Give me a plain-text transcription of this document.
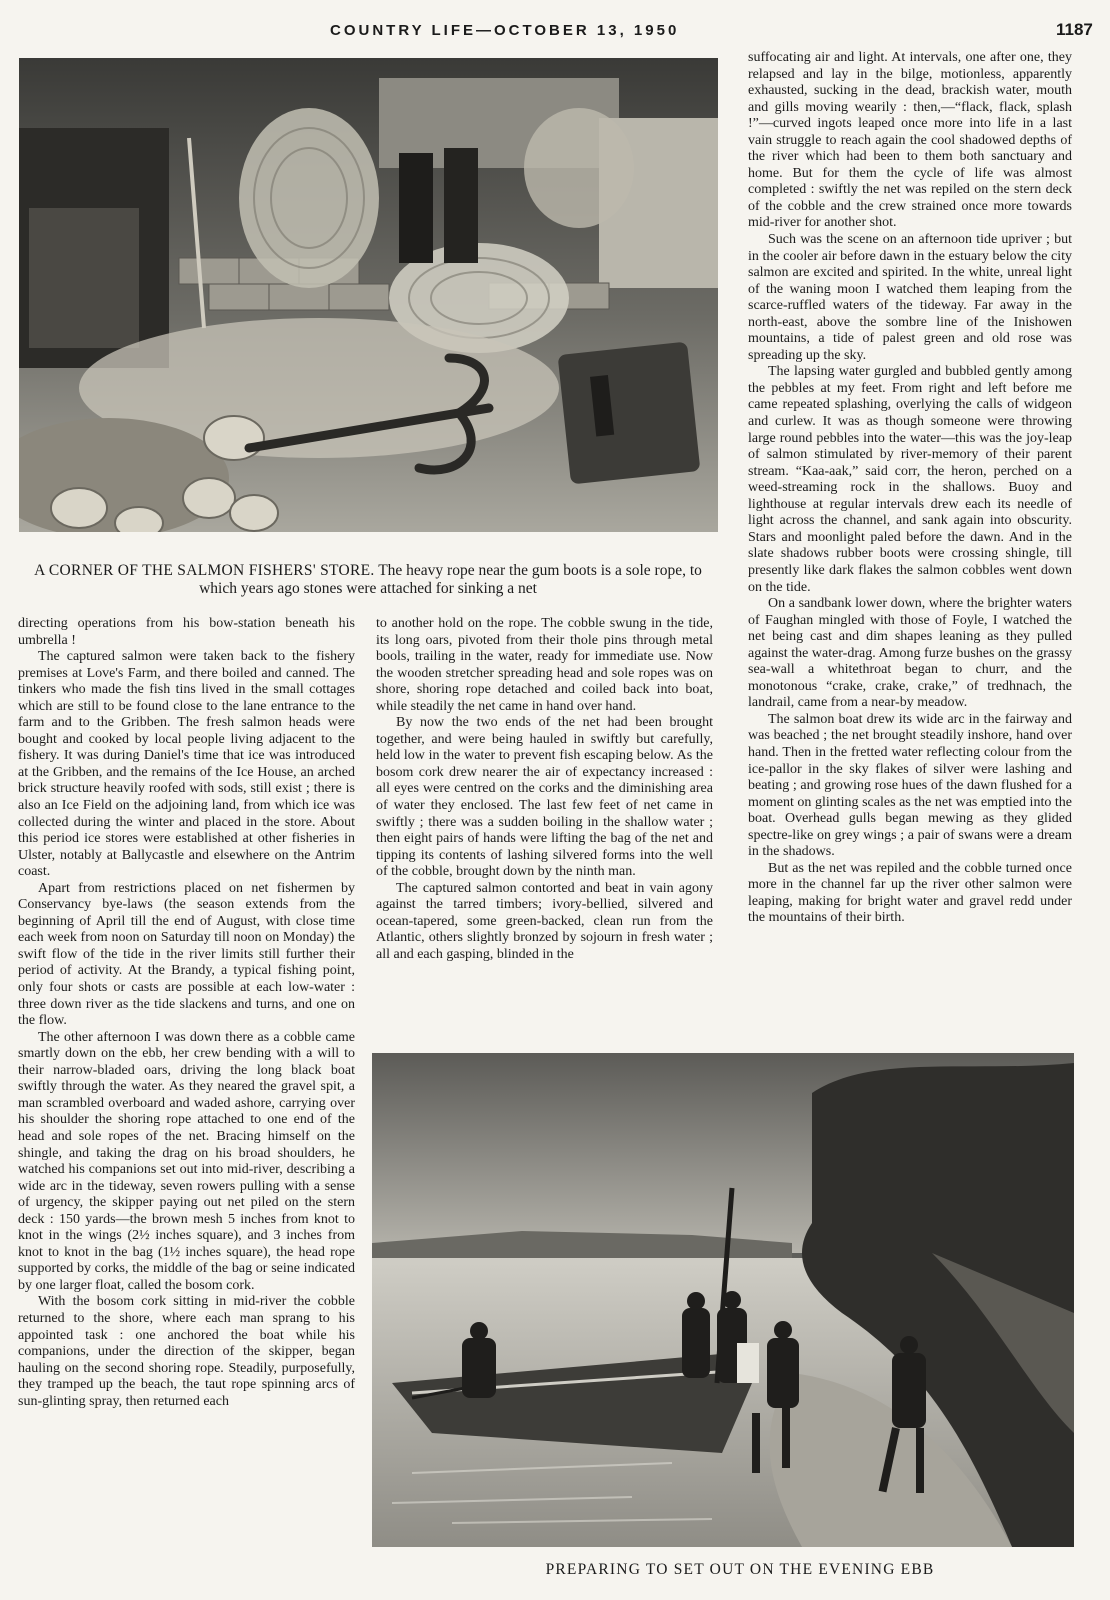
COUNTRY LIFE—OCTOBER 13, 1950	1187
A CORNER OF THE SALMON FISHERS' STORE. The heavy rope near the gum boots is a sole rope, to which years ago stones were attached for sinking a net

suffocating air and light. At intervals, one after one, they relapsed and lay in the bilge, motionless, apparently exhausted, sucking in the dead, brackish water, mouth and gills moving wearily : then,—“flack, flack, splash !”—curved ingots leaped once more into life in a last vain struggle to reach again the cool shadowed depths of the river which had been to them both sanctuary and home. But for them the cycle of life was almost completed : swiftly the net was repiled on the stern deck of the cobble and the crew strained once more towards mid-river for another shot.

Such was the scene on an afternoon tide upriver ; but in the cooler air before dawn in the estuary below the city salmon are excited and spirited. In the white, unreal light of the waning moon I watched them leaping from the scarce-ruffled waters of the tideway. Far away in the north-east, above the sombre line of the Inishowen mountains, a tide of palest green and old rose was spreading up the sky.

The lapsing water gurgled and bubbled gently among the pebbles at my feet. From right and left before me came repeated splashing, overlying the calls of widgeon and curlew. It was as though someone were throwing large round pebbles into the water—this was the joy-leap of salmon stimulated by river-memory of their parent stream. “Kaa-aak,” said corr, the heron, perched on a weed-streaming rock in the shallows. Buoy and lighthouse at regular intervals drew each its needle of light across the channel, and sank again into obscurity. Stars and moonlight paled before the dawn. And in the slate shadows rubber boots were crossing shingle, till presently like dark flakes the salmon cobbles went down on the tide.

On a sandbank lower down, where the brighter waters of Faughan mingled with those of Foyle, I watched the net being cast and dim shapes leaning as they pulled against the water-drag. Among furze bushes on the grassy sea-wall a whitethroat began to churr, and the monotonous “crake, crake, crake,” of tredhnach, the landrail, came from a near-by meadow.

The salmon boat drew its wide arc in the fairway and was beached ; the net brought steadily inshore, hand over hand. Then in the fretted water reflecting colour from the ice-pallor in the sky flakes of silver were lashing and beating ; and growing rose hues of the dawn flushed for a moment on glinting scales as the net was emptied into the boat. Overhead gulls began mewing as they glided spectre-like on grey wings ; a pair of swans were a dream in the shadows.

But as the net was repiled and the cobble turned once more in the channel far up the river other salmon were leaping, making for bright water and gravel redd under the mountains of their birth.

directing operations from his bow-station beneath his umbrella !

The captured salmon were taken back to the fishery premises at Love's Farm, and there boiled and canned. The tinkers who made the fish tins lived in the small cottages which are still to be found close to the lane entrance to the farm and to the Gribben. The fresh salmon heads were bought and cooked by local people living adjacent to the fishery. It was during Daniel's time that ice was introduced at the Gribben, and the remains of the Ice House, an arched brick structure heavily roofed with sods, still exist ; there is also an Ice Field on the adjoining land, from which ice was collected during the winter and placed in the store. About this period ice stores were established at other fisheries in Ulster, notably at Ballycastle and elsewhere on the Antrim coast.

Apart from restrictions placed on net fishermen by Conservancy bye-laws (the season extends from the beginning of April till the end of August, with close time each week from noon on Saturday till noon on Monday) the swift flow of the tide in the river limits still further their period of activity. At the Brandy, a typical fishing point, only four shots or casts are possible at each low-water : three down river as the tide slackens and turns, and one on the flow.

The other afternoon I was down there as a cobble came smartly down on the ebb, her crew bending with a will to their narrow-bladed oars, driving the long black boat swiftly through the water. As they neared the gravel spit, a man scrambled overboard and waded ashore, carrying over his shoulder the shoring rope attached to one end of the head and sole ropes of the net. Bracing himself on the shingle, and taking the drag on his broad shoulders, he watched his companions set out into mid-river, describing a wide arc in the tideway, seven rowers pulling with a sense of urgency, the skipper paying out net piled on the stern deck : 150 yards—the brown mesh 5 inches from knot to knot in the wings (2½ inches square), and 3 inches from knot to knot in the bag (1½ inches square), the head rope supported by corks, the middle of the bag or seine indicated by one larger float, called the bosom cork.

With the bosom cork sitting in mid-river the cobble returned to the shore, where each man sprang to his appointed task : one anchored the boat while his companions, under the direction of the skipper, began hauling on the second shoring rope. Steadily, purposefully, they tramped up the beach, the taut rope spinning arcs of sun-glinting spray, then returned each

to another hold on the rope. The cobble swung in the tide, its long oars, pivoted from their thole pins through metal bools, trailing in the water, ready for immediate use. Now the wooden stretcher spreading head and sole ropes was on shore, shoring rope detached and coiled back into boat, while steadily the net came in hand over hand.

By now the two ends of the net had been brought together, and were being hauled in swiftly but carefully, held low in the water to prevent fish escaping below. As the bosom cork drew nearer the air of expectancy increased : all eyes were centred on the corks and the diminishing area of water they enclosed. The last few feet of net came in swiftly ; there was a sudden boiling in the shallow water ; then eight pairs of hands were lifting the bag of the net and tipping its contents of lashing silvered forms into the well of the cobble, brought down by the ninth man.

The captured salmon contorted and beat in vain agony against the tarred timbers; ivory-bellied, silvered and ocean-tapered, some green-backed, clean run from the Atlantic, others slightly bronzed by sojourn in fresh water ; all and each gasping, blinded in the

PREPARING TO SET OUT ON THE EVENING EBB
